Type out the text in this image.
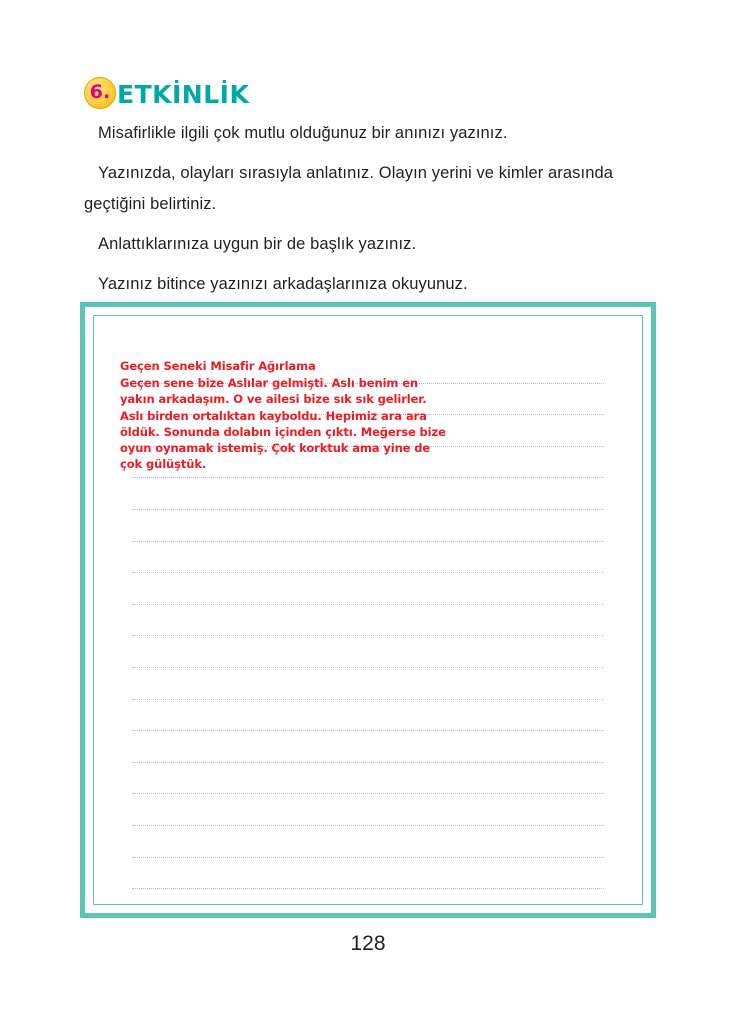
6. ETKİNLİK

Misafirlikle ilgili çok mutlu olduğunuz bir anınızı yazınız.

Yazınızda, olayları sırasıyla anlatınız. Olayın yerini ve kimler arasında geçtiğini belirtiniz.

Anlattıklarınıza uygun bir de başlık yazınız.

Yazınız bitince yazınızı arkadaşlarınıza okuyunuz.

Geçen Seneki Misafir Ağırlama

Geçen sene bize Aslılar gelmişti. Aslı benim en yakın arkadaşım. O ve ailesi bize sık sık gelirler. Aslı birden ortalıktan kayboldu. Hepimiz ara ara öldük. Sonunda dolabın içinden çıktı. Meğerse bize oyun oynamak istemiş. Çok korktuk ama yine de çok gülüştük.

128
